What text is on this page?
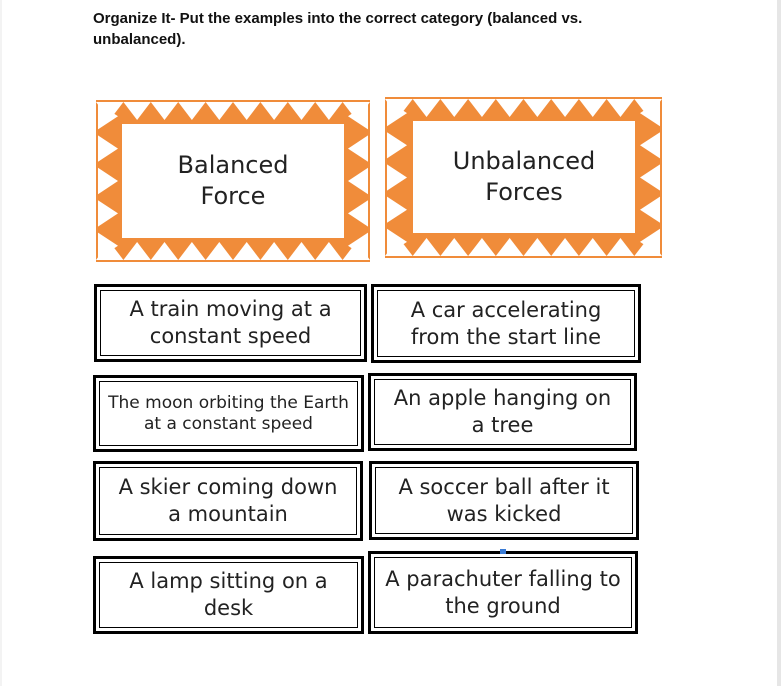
Organize It- Put the examples into the correct category (balanced vs. unbalanced).
Balanced
Force
Unbalanced
Forces
A train moving at a
constant speed
A car accelerating
from the start line
The moon orbiting the Earth
at a constant speed
An apple hanging on
a tree
A skier coming down
a mountain
A soccer ball after it
was kicked
A lamp sitting on a
desk
A parachuter falling to
the ground
